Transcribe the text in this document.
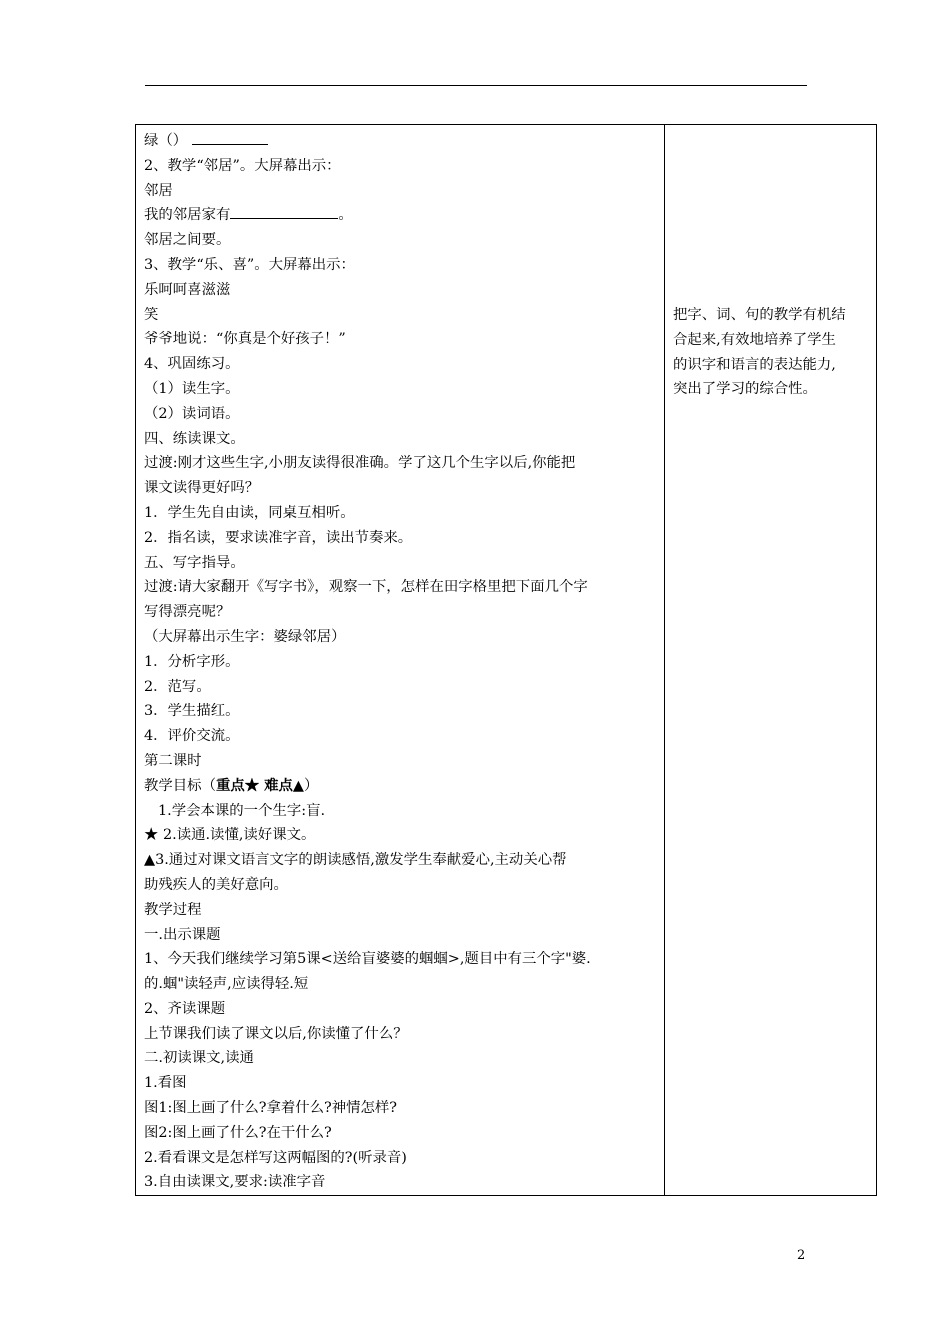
绿（）
2、教学“邻居”。大屏幕出示：
邻居
我的邻居家有	。
邻居之间要。
3、教学“乐、喜”。大屏幕出示：
乐呵呵喜滋滋
笑
爷爷地说：“你真是个好孩子！”
4、巩固练习。
（1）读生字。
（2）读词语。
四、练读课文。
过渡:刚才这些生字,小朋友读得很准确。学了这几个生字以后,你能把
课文读得更好吗？
1．学生先自由读，同桌互相听。
2．指名读，要求读准字音，读出节奏来。
五、写字指导。
过渡:请大家翻开《写字书》，观察一下，怎样在田字格里把下面几个字
写得漂亮呢？
（大屏幕出示生字：婆绿邻居）
1．分析字形。
2．范写。
3．学生描红。
4．评价交流。
第二课时
教学目标（重点★ 难点▲）
1.学会本课的一个生字:盲.
★ 2.读通.读懂,读好课文。
▲3.通过对课文语言文字的朗读感悟,激发学生奉献爱心,主动关心帮
助残疾人的美好意向。
教学过程
一.出示课题
1、今天我们继续学习第5课<送给盲婆婆的蝈蝈>,题目中有三个字"婆.
的.蝈"读轻声,应读得轻.短
2、齐读课题
上节课我们读了课文以后,你读懂了什么？
二.初读课文,读通
1.看图
图1:图上画了什么?拿着什么?神情怎样?
图2:图上画了什么?在干什么?
2.看看课文是怎样写这两幅图的?(听录音)
3.自由读课文,要求:读准字音
把字、词、句的教学有机结
合起来,有效地培养了学生
的识字和语言的表达能力,
突出了学习的综合性。
2
